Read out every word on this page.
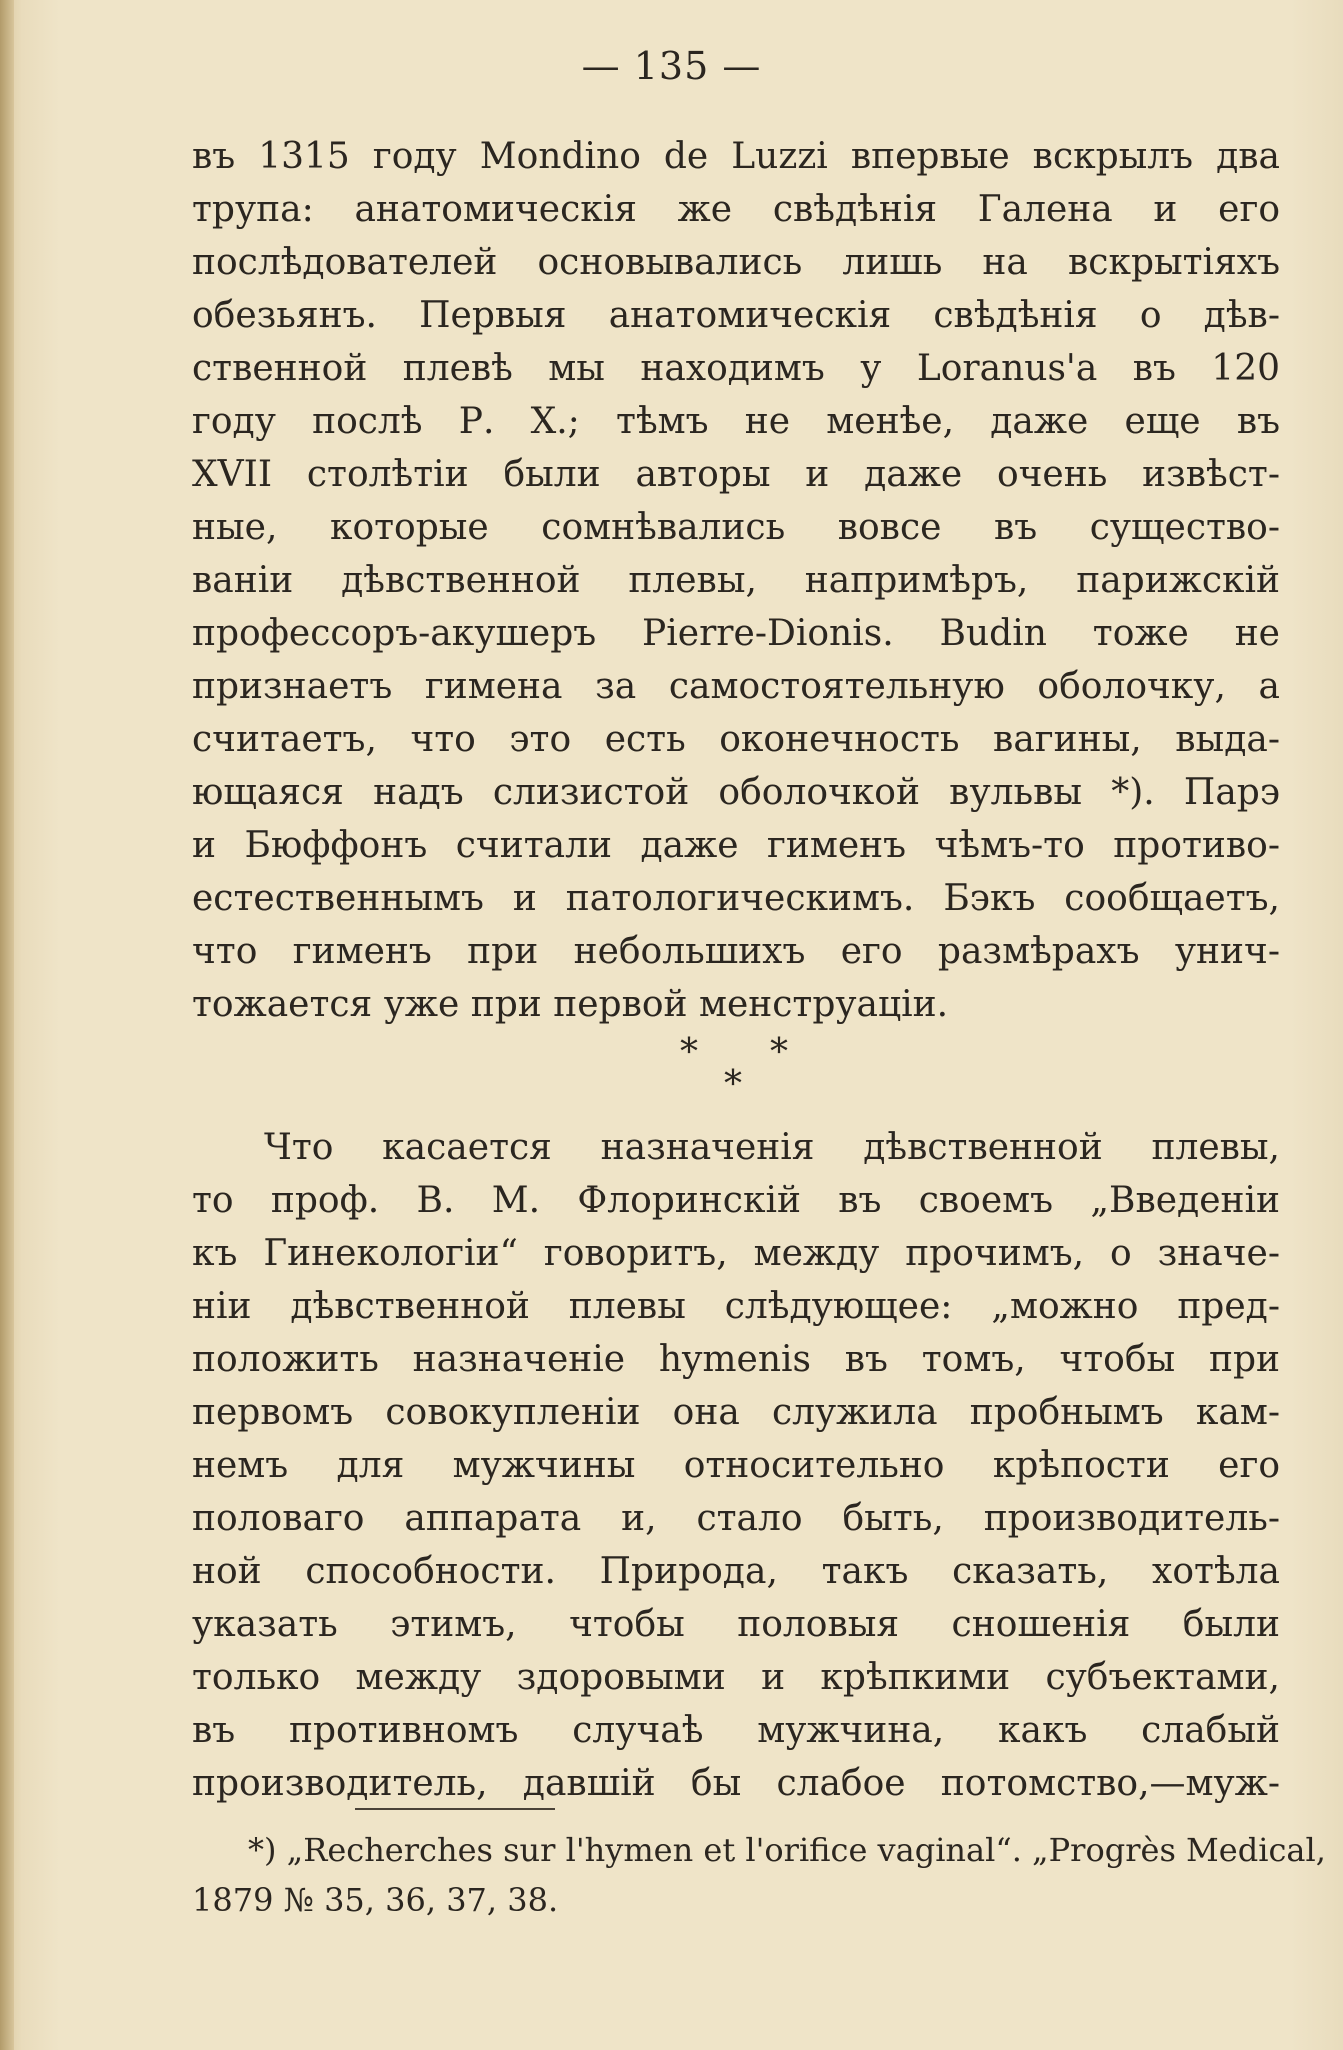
— 135 —
въ 1315 году Mondino de Luzzi впервые вскрылъ два
трупа: анатомическія же свѣдѣнія Галена и его
послѣдователей основывались лишь на вскрытіяхъ
обезьянъ. Первыя анатомическія свѣдѣнія о дѣв-
ственной плевѣ мы находимъ у Loranus'a въ 120
году послѣ Р. Х.; тѣмъ не менѣе, даже еще въ
XVII столѣтіи были авторы и даже очень извѣст-
ные, которые сомнѣвались вовсе въ существо-
ваніи дѣвственной плевы, напримѣръ, парижскій
профессоръ-акушеръ Pierre-Dionis. Budin тоже не
признаетъ гимена за самостоятельную оболочку, а
считаетъ, что это есть оконечность вагины, выда-
ющаяся надъ слизистой оболочкой вульвы *). Парэ
и Бюффонъ считали даже гименъ чѣмъ-то противо-
естественнымъ и патологическимъ. Бэкъ сообщаетъ,
что гименъ при небольшихъ его размѣрахъ унич-
тожается уже при первой менструаціи.
* *
*
Что касается назначенія дѣвственной плевы,
то проф. В. М. Флоринскій въ своемъ „Введеніи
къ Гинекологіи“ говоритъ, между прочимъ, о значе-
ніи дѣвственной плевы слѣдующее: „можно пред-
положить назначеніе hymenis въ томъ, чтобы при
первомъ совокупленіи она служила пробнымъ кам-
немъ для мужчины относительно крѣпости его
половаго аппарата и, стало быть, производитель-
ной способности. Природа, такъ сказать, хотѣла
указать этимъ, чтобы половыя сношенія были
только между здоровыми и крѣпкими субъектами,
въ противномъ случаѣ мужчина, какъ слабый
производитель, давшій бы слабое потомство,—муж-
*) „Recherches sur l'hymen et l'orifice vaginal“. „Progrès Medical,
1879 № 35, 36, 37, 38.
